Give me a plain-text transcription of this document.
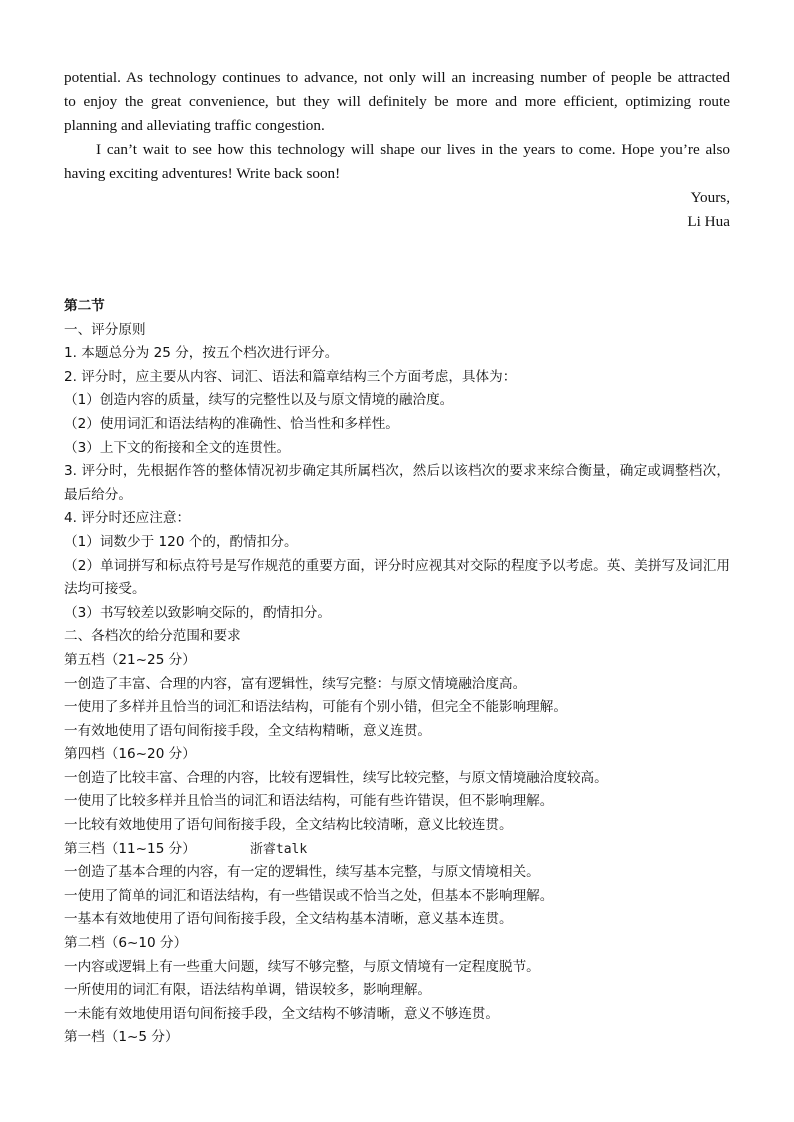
potential. As technology continues to advance, not only will an increasing number of people be attracted

to enjoy the great convenience, but they will definitely be more and more efficient, optimizing route

planning and alleviating traffic congestion.

I can’t wait to see how this technology will shape our lives in the years to come. Hope you’re also

having exciting adventures! Write back soon!

Yours,

Li Hua

第二节

一、评分原则

1. 本题总分为 25 分，按五个档次进行评分。

2. 评分时，应主要从内容、词汇、语法和篇章结构三个方面考虑，具体为：

（1）创造内容的质量，续写的完整性以及与原文情境的融洽度。

（2）使用词汇和语法结构的准确性、恰当性和多样性。

（3）上下文的衔接和全文的连贯性。

3. 评分时，先根据作答的整体情况初步确定其所属档次，然后以该档次的要求来综合衡量，确定或调整档次，最后给分。

4. 评分时还应注意：

（1）词数少于 120 个的，酌情扣分。

（2）单词拼写和标点符号是写作规范的重要方面，评分时应视其对交际的程度予以考虑。英、美拼写及词汇用法均可接受。

（3）书写较差以致影响交际的，酌情扣分。

二、各档次的给分范围和要求

第五档（21~25 分）

一创造了丰富、合理的内容，富有逻辑性，续写完整：与原文情境融洽度高。

一使用了多样并且恰当的词汇和语法结构，可能有个别小错，但完全不能影响理解。

一有效地使用了语句间衔接手段，全文结构精晰，意义连贯。

第四档（16~20 分）

一创造了比较丰富、合理的内容，比较有逻辑性，续写比较完整，与原文情境融洽度较高。

一使用了比较多样并且恰当的词汇和语法结构，可能有些许错误，但不影响理解。

一比较有效地使用了语句间衔接手段，全文结构比较清晰，意义比较连贯。

第三档（11~15 分）	浙睿talk

一创造了基本合理的内容，有一定的逻辑性，续写基本完整，与原文情境相关。

一使用了简单的词汇和语法结构，有一些错误或不恰当之处，但基本不影响理解。

一基本有效地使用了语句间衔接手段，全文结构基本清晰，意义基本连贯。

第二档（6~10 分）

一内容或逻辑上有一些重大问题，续写不够完整，与原文情境有一定程度脱节。

一所使用的词汇有限，语法结构单调，错误较多，影响理解。

一未能有效地使用语句间衔接手段，全文结构不够清晰，意义不够连贯。

第一档（1~5 分）
